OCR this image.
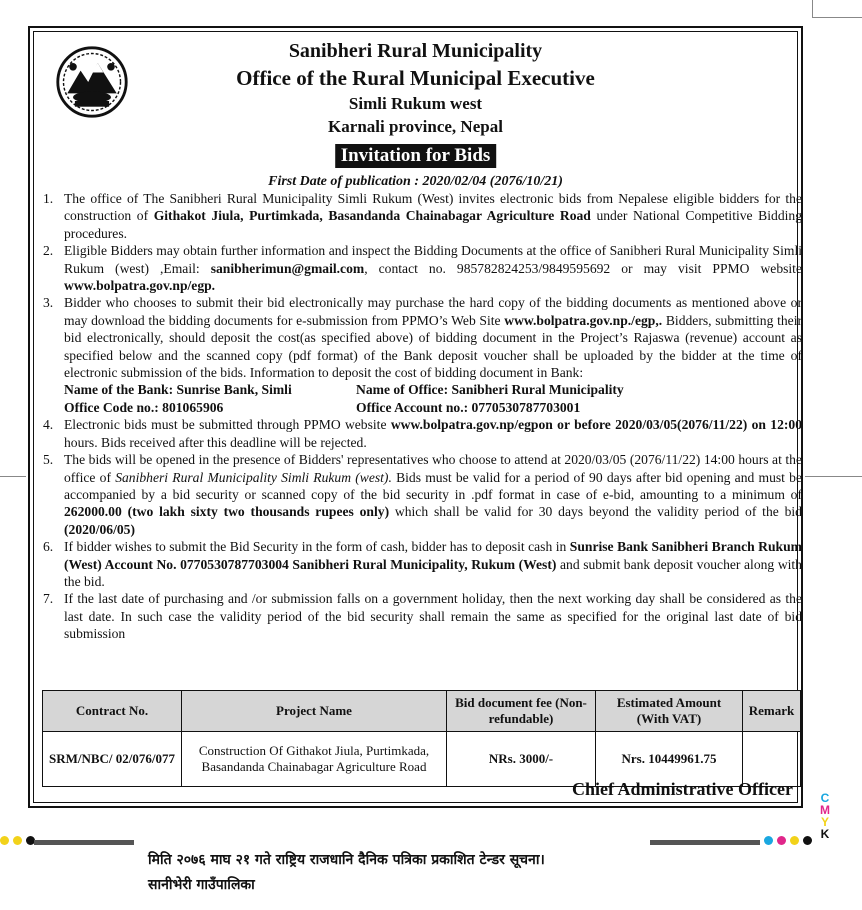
Sanibheri Rural Municipality
Office of the Rural Municipal Executive
Simli Rukum west
Karnali province, Nepal
Invitation for Bids
First Date of publication : 2020/02/04 (2076/10/21)
1. The office of The Sanibheri Rural Municipality Simli Rukum (West) invites electronic bids from Nepalese eligible bidders for the construction of Githakot Jiula, Purtimkada, Basandanda Chainabagar Agriculture Road under National Competitive Bidding procedures.
2. Eligible Bidders may obtain further information and inspect the Bidding Documents at the office of Sanibheri Rural Municipality Simli Rukum (west) ,Email: sanibherimun@gmail.com, contact no. 985782824253/9849595692 or may visit PPMO website www.bolpatra.gov.np/egp.
3. Bidder who chooses to submit their bid electronically may purchase the hard copy of the bidding documents as mentioned above or may download the bidding documents for e-submission from PPMO’s Web Site www.bolpatra.gov.np./egp,. Bidders, submitting their bid electronically, should deposit the cost(as specified above) of bidding document in the Project’s Rajaswa (revenue) account as specified below and the scanned copy (pdf format) of the Bank deposit voucher shall be uploaded by the bidder at the time of electronic submission of the bids. Information to deposit the cost of bidding document in Bank:
Name of the Bank: Sunrise Bank, Simli	Name of Office: Sanibheri Rural Municipality
Office Code no.: 801065906	Office Account no.: 0770530787703001
4. Electronic bids must be submitted through PPMO website www.bolpatra.gov.np/egpon or before 2020/03/05(2076/11/22) on 12:00 hours. Bids received after this deadline will be rejected.
5. The bids will be opened in the presence of Bidders' representatives who choose to attend at 2020/03/05 (2076/11/22) 14:00 hours at the office of Sanibheri Rural Municipality Simli Rukum (west). Bids must be valid for a period of 90 days after bid opening and must be accompanied by a bid security or scanned copy of the bid security in .pdf format in case of e-bid, amounting to a minimum of 262000.00 (two lakh sixty two thousands rupees only) which shall be valid for 30 days beyond the validity period of the bid (2020/06/05)
6. If bidder wishes to submit the Bid Security in the form of cash, bidder has to deposit cash in Sunrise Bank Sanibheri Branch Rukum (West) Account No. 0770530787703004 Sanibheri Rural Municipality, Rukum (West) and submit bank deposit voucher along with the bid.
7. If the last date of purchasing and /or submission falls on a government holiday, then the next working day shall be considered as the last date. In such case the validity period of the bid security shall remain the same as specified for the original last date of bid submission
Contract No.	Project Name	Bid document fee (Non- refundable)	Estimated Amount (With VAT)	Remark
SRM/NBC/ 02/076/077	Construction Of Githakot Jiula, Purtimkada, Basandanda Chainabagar Agriculture Road	NRs. 3000/-	Nrs. 10449961.75	
Chief Administrative Officer C
M
Y
K
मिति २०७६ माघ २१ गते राष्ट्रिय राजधानि दैनिक पत्रिका प्रकाशित टेन्डर सूचना।
सानीभेरी गाउँपालिका
